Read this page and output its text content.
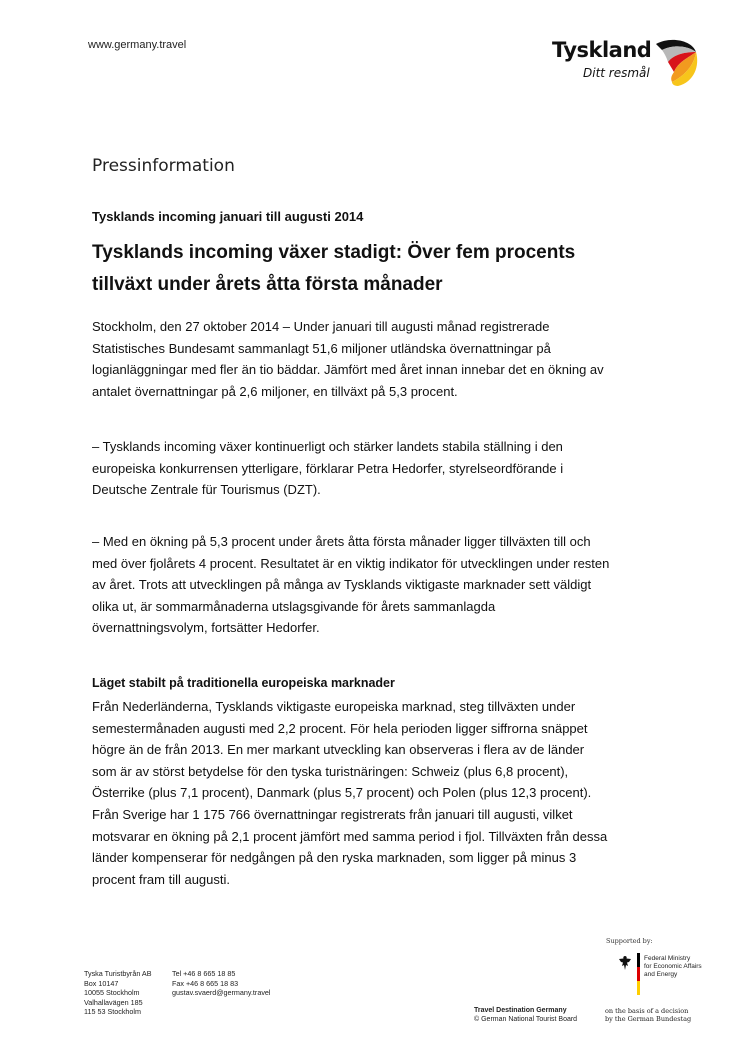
www.germany.travel	Tyskland
Ditt resmål
Pressinformation
Tysklands incoming januari till augusti 2014
Tysklands incoming växer stadigt: Över fem procents
tillväxt under årets åtta första månader

Stockholm, den 27 oktober 2014 – Under januari till augusti månad registrerade
Statistisches Bundesamt sammanlagt 51,6 miljoner utländska övernattningar på
logianläggningar med fler än tio bäddar. Jämfört med året innan innebar det en ökning av
antalet övernattningar på 2,6 miljoner, en tillväxt på 5,3 procent.

– Tysklands incoming växer kontinuerligt och stärker landets stabila ställning i den
europeiska konkurrensen ytterligare, förklarar Petra Hedorfer, styrelseordförande i
Deutsche Zentrale für Tourismus (DZT).

– Med en ökning på 5,3 procent under årets åtta första månader ligger tillväxten till och
med över fjolårets 4 procent. Resultatet är en viktig indikator för utvecklingen under resten
av året. Trots att utvecklingen på många av Tysklands viktigaste marknader sett väldigt
olika ut, är sommarmånaderna utslagsgivande för årets sammanlagda
övernattningsvolym, fortsätter Hedorfer.

Läget stabilt på traditionella europeiska marknader

Från Nederländerna, Tysklands viktigaste europeiska marknad, steg tillväxten under
semestermånaden augusti med 2,2 procent. För hela perioden ligger siffrorna snäppet
högre än de från 2013. En mer markant utveckling kan observeras i flera av de länder
som är av störst betydelse för den tyska turistnäringen: Schweiz (plus 6,8 procent),
Österrike (plus 7,1 procent), Danmark (plus 5,7 procent) och Polen (plus 12,3 procent).
Från Sverige har 1 175 766 övernattningar registrerats från januari till augusti, vilket
motsvarar en ökning på 2,1 procent jämfört med samma period i fjol. Tillväxten från dessa
länder kompenserar för nedgången på den ryska marknaden, som ligger på minus 3
procent fram till augusti.

Tyska Turistbyrån AB
Box 10147
10055 Stockholm
Valhallavägen 185
115 53 Stockholm
Tel +46 8 665 18 85
Fax +46 8 665 18 83
gustav.svaerd@germany.travel
Supported by:
Federal Ministry
for Economic Affairs
and Energy
Travel Destination Germany
© German National Tourist Board
on the basis of a decision
by the German Bundestag
